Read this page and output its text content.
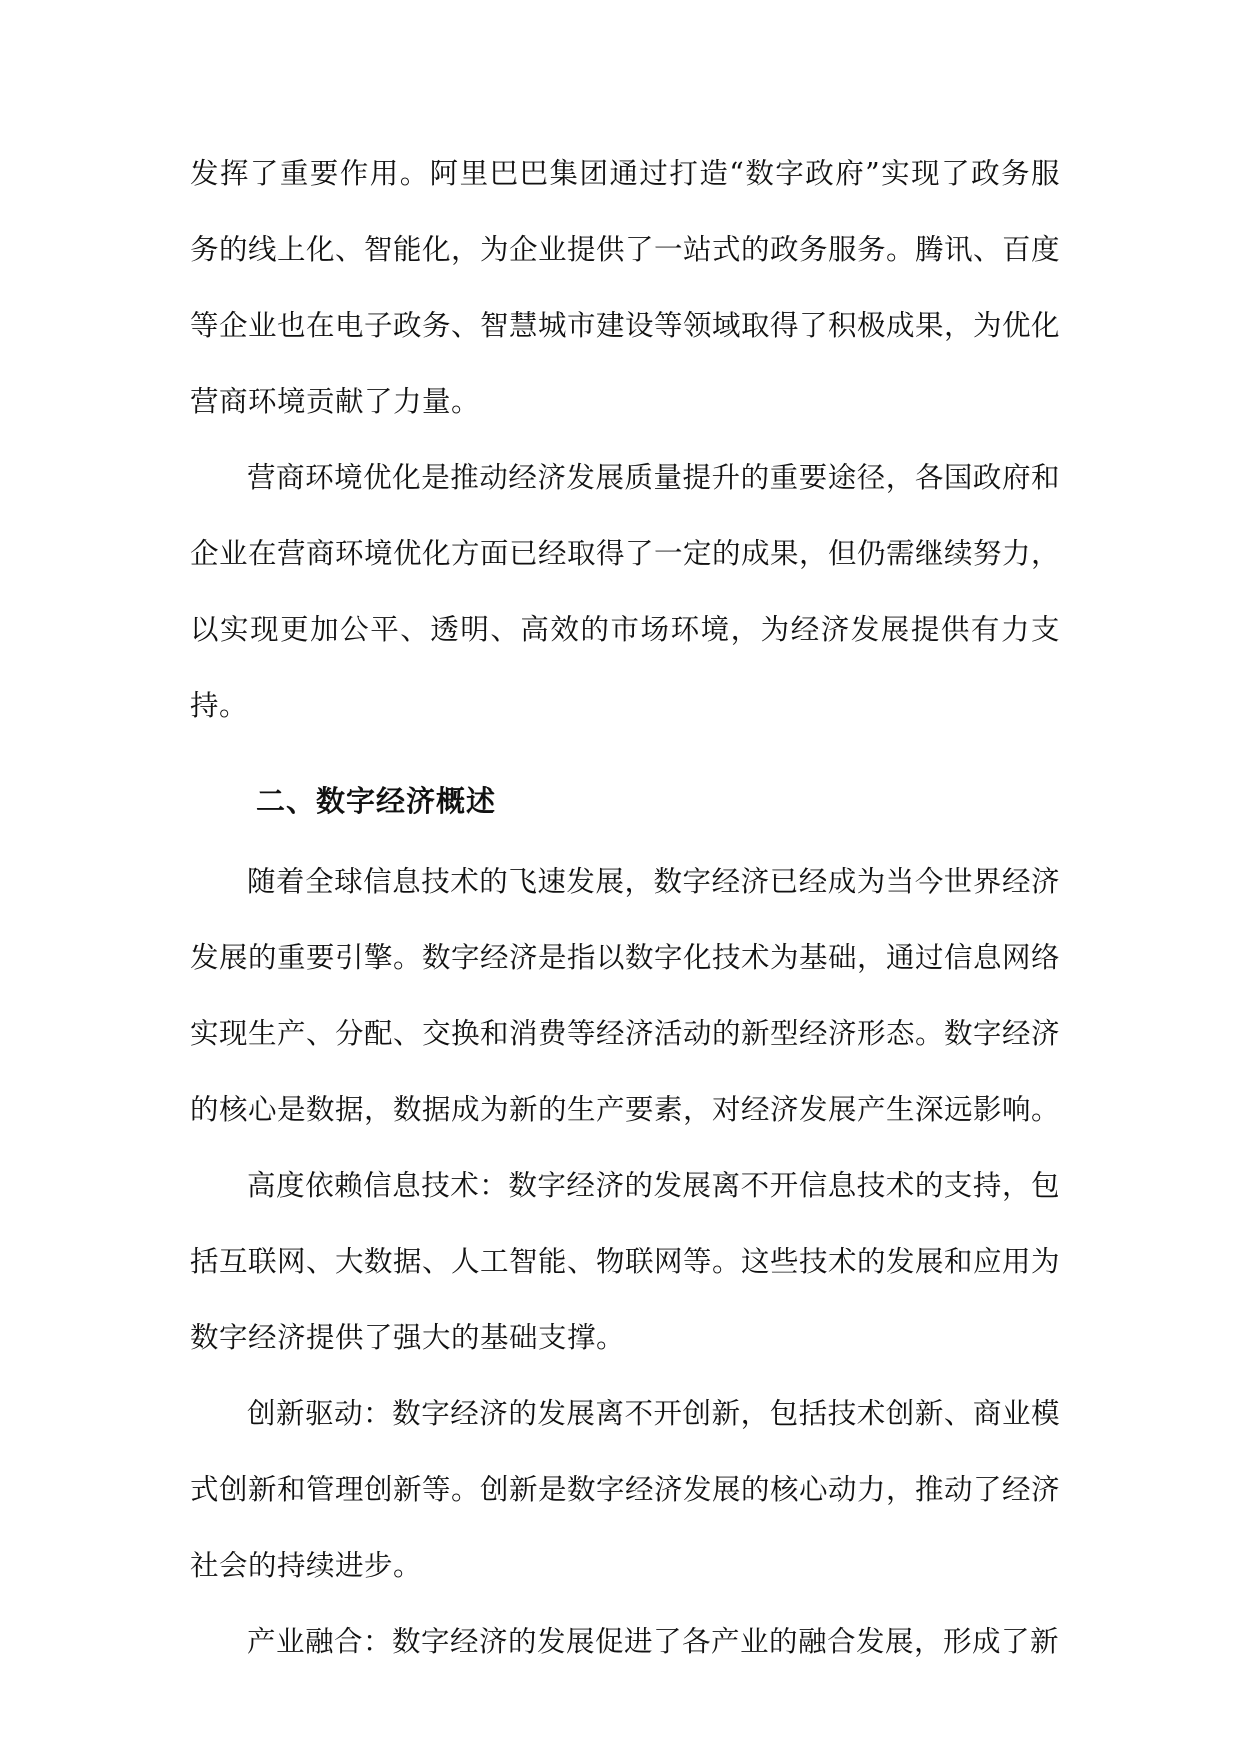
发挥了重要作用。阿里巴巴集团通过打造“数字政府”实现了政务服务的线上化、智能化，为企业提供了一站式的政务服务。腾讯、百度等企业也在电子政务、智慧城市建设等领域取得了积极成果，为优化营商环境贡献了力量。

营商环境优化是推动经济发展质量提升的重要途径，各国政府和企业在营商环境优化方面已经取得了一定的成果，但仍需继续努力，以实现更加公平、透明、高效的市场环境，为经济发展提供有力支持。

二、数字经济概述

随着全球信息技术的飞速发展，数字经济已经成为当今世界经济发展的重要引擎。数字经济是指以数字化技术为基础，通过信息网络实现生产、分配、交换和消费等经济活动的新型经济形态。数字经济的核心是数据，数据成为新的生产要素，对经济发展产生深远影响。

高度依赖信息技术：数字经济的发展离不开信息技术的支持，包括互联网、大数据、人工智能、物联网等。这些技术的发展和应用为数字经济提供了强大的基础支撑。

创新驱动：数字经济的发展离不开创新，包括技术创新、商业模式创新和管理创新等。创新是数字经济发展的核心动力，推动了经济社会的持续进步。

产业融合：数字经济的发展促进了各产业的融合发展，形成了新
